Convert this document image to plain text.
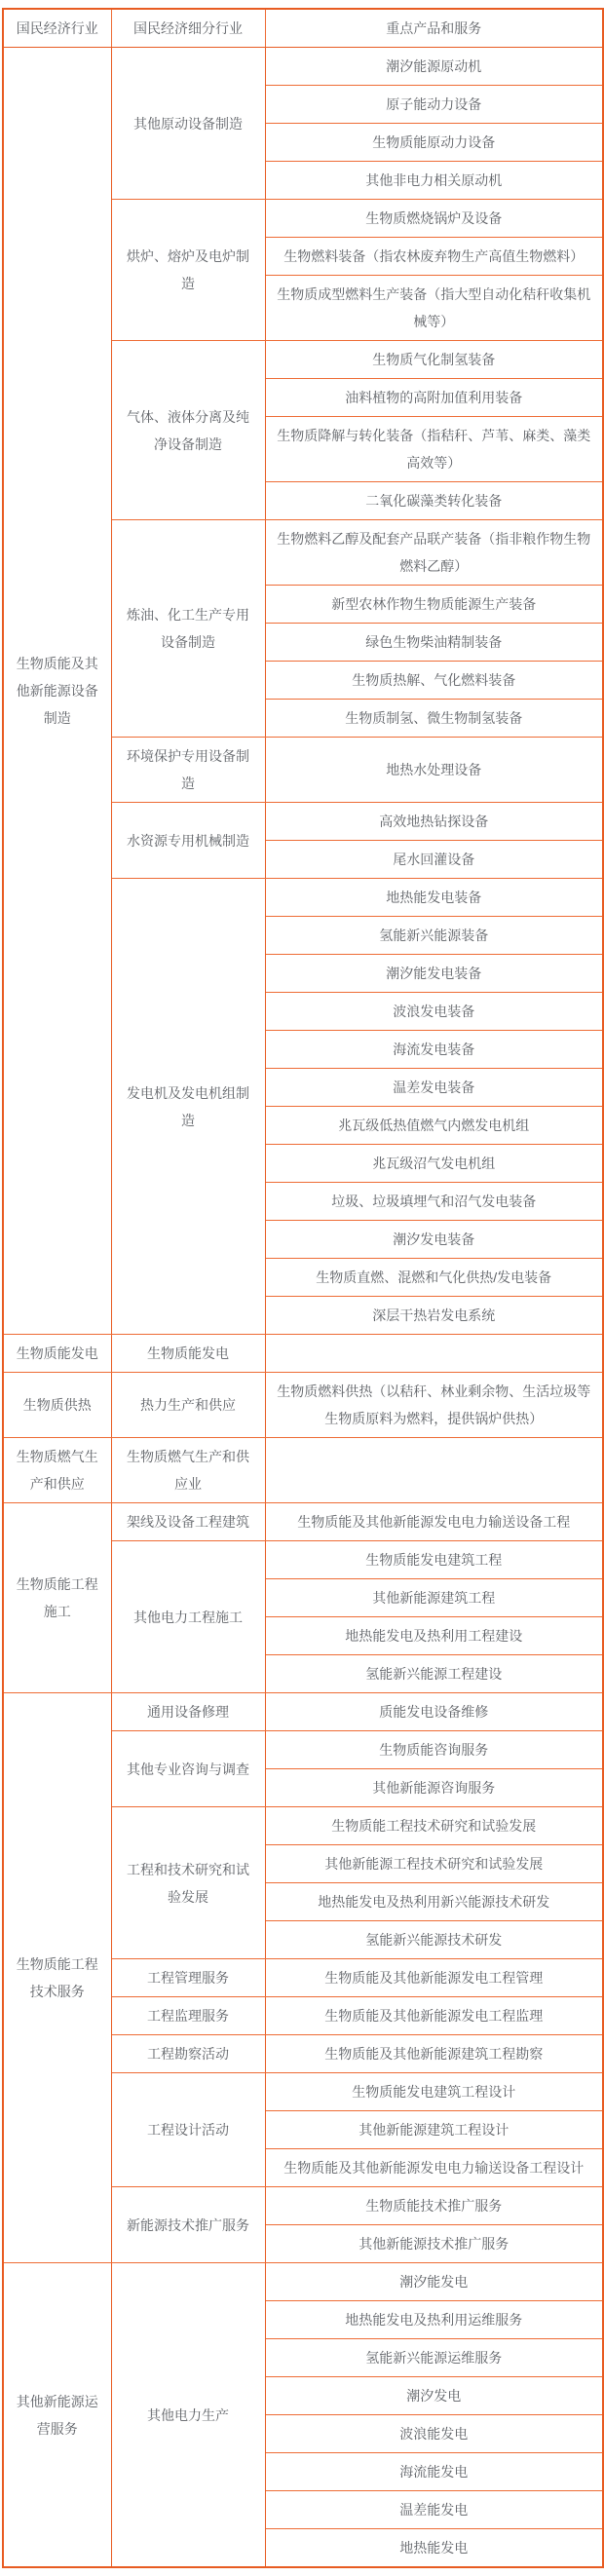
国民经济行业	国民经济细分行业	重点产品和服务
生物质能及其他新能源设备制造	其他原动设备制造	潮汐能源原动机
		原子能动力设备
		生物质能原动力设备
		其他非电力相关原动机
	烘炉、熔炉及电炉制造	生物质燃烧锅炉及设备
		生物燃料装备（指农林废弃物生产高值生物燃料）
		生物质成型燃料生产装备（指大型自动化秸秆收集机械等）
	气体、液体分离及纯净设备制造	生物质气化制氢装备
		油料植物的高附加值利用装备
		生物质降解与转化装备（指秸秆、芦苇、麻类、藻类高效等）
		二氧化碳藻类转化装备
	炼油、化工生产专用设备制造	生物燃料乙醇及配套产品联产装备（指非粮作物生物燃料乙醇）
		新型农林作物生物质能源生产装备
		绿色生物柴油精制装备
		生物质热解、气化燃料装备
		生物质制氢、微生物制氢装备
	环境保护专用设备制造	地热水处理设备
	水资源专用机械制造	高效地热钻探设备
		尾水回灌设备
	发电机及发电机组制造	地热能发电装备
		氢能新兴能源装备
		潮汐能发电装备
		波浪发电装备
		海流发电装备
		温差发电装备
		兆瓦级低热值燃气内燃发电机组
		兆瓦级沼气发电机组
		垃圾、垃圾填埋气和沼气发电装备
		潮汐发电装备
		生物质直燃、混燃和气化供热/发电装备
		深层干热岩发电系统
生物质能发电	生物质能发电	
生物质供热	热力生产和供应	生物质燃料供热（以秸秆、林业剩余物、生活垃圾等生物质原料为燃料，提供锅炉供热）
生物质燃气生产和供应	生物质燃气生产和供应业	
生物质能工程施工	架线及设备工程建筑	生物质能及其他新能源发电电力输送设备工程
	其他电力工程施工	生物质能发电建筑工程
		其他新能源建筑工程
		地热能发电及热利用工程建设
		氢能新兴能源工程建设
生物质能工程技术服务	通用设备修理	质能发电设备维修
	其他专业咨询与调查	生物质能咨询服务
		其他新能源咨询服务
	工程和技术研究和试验发展	生物质能工程技术研究和试验发展
		其他新能源工程技术研究和试验发展
		地热能发电及热利用新兴能源技术研发
		氢能新兴能源技术研发
	工程管理服务	生物质能及其他新能源发电工程管理
	工程监理服务	生物质能及其他新能源发电工程监理
	工程勘察活动	生物质能及其他新能源建筑工程勘察
	工程设计活动	生物质能发电建筑工程设计
		其他新能源建筑工程设计
		生物质能及其他新能源发电电力输送设备工程设计
	新能源技术推广服务	生物质能技术推广服务
		其他新能源技术推广服务
其他新能源运营服务	其他电力生产	潮汐能发电
		地热能发电及热利用运维服务
		氢能新兴能源运维服务
		潮汐发电
		波浪能发电
		海流能发电
		温差能发电
		地热能发电
